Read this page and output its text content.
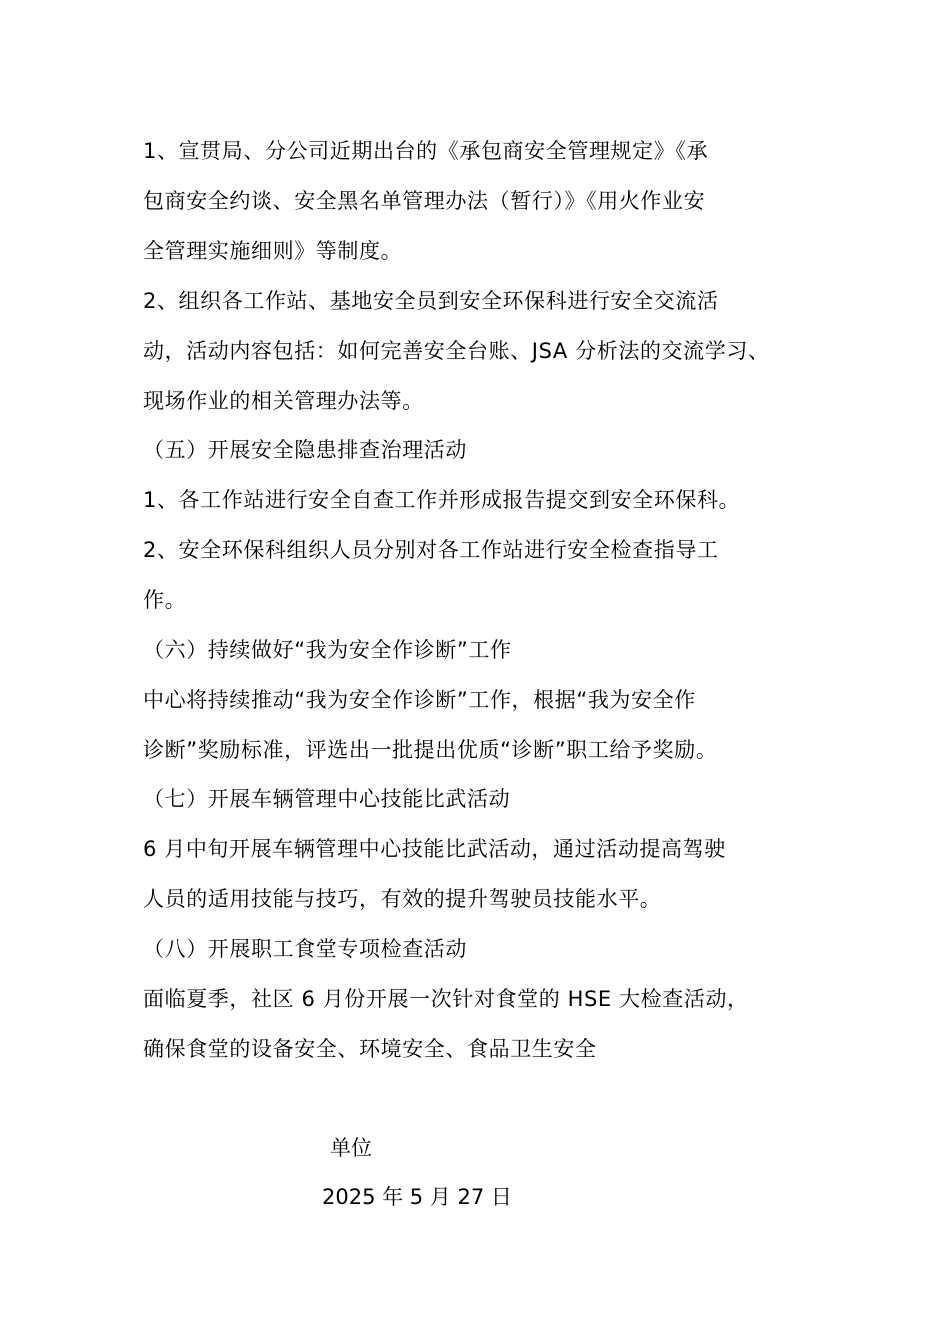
1、宣贯局、分公司近期出台的《承包商安全管理规定》《承
包商安全约谈、安全黑名单管理办法（暂行）》《用火作业安
全管理实施细则》等制度。
2、组织各工作站、基地安全员到安全环保科进行安全交流活
动，活动内容包括：如何完善安全台账、JSA 分析法的交流学习、
现场作业的相关管理办法等。
（五）开展安全隐患排查治理活动
1、各工作站进行安全自查工作并形成报告提交到安全环保科。
2、安全环保科组织人员分别对各工作站进行安全检查指导工
作。
（六）持续做好“我为安全作诊断”工作
中心将持续推动“我为安全作诊断”工作，根据“我为安全作
诊断”奖励标准，评选出一批提出优质“诊断”职工给予奖励。
（七）开展车辆管理中心技能比武活动
6 月中旬开展车辆管理中心技能比武活动，通过活动提高驾驶
人员的适用技能与技巧，有效的提升驾驶员技能水平。
（八）开展职工食堂专项检查活动
面临夏季，社区 6 月份开展一次针对食堂的 HSE 大检查活动，
确保食堂的设备安全、环境安全、食品卫生安全
单位
2025 年 5 月 27 日
